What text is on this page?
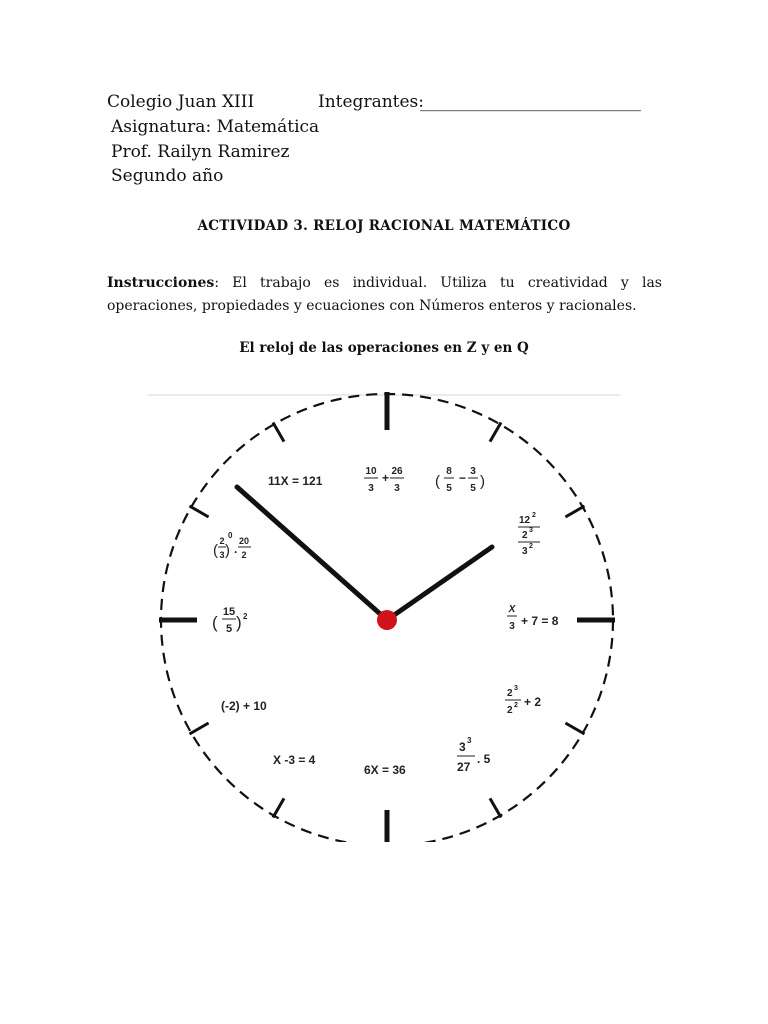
Colegio Juan XIII	Integrantes:
__________________________
Asignatura: Matemática
Prof. Railyn Ramirez
Segundo año
ACTIVIDAD 3. RELOJ RACIONAL MATEMÁTICO
Instrucciones: El trabajo es individual. Utiliza tu creatividad y las operaciones, propiedades y ecuaciones con Números enteros y racionales.
El reloj de las operaciones en Z y en Q
11X = 121
10
3
+ 26
3 (
8
5
− 3
5 )
12 2
2 3
3 2
X
3 + 7 = 8
2 3
2 2 + 2
3 3
27
. 5
6X = 36
X -3 = 4
(-2) + 10
(
15
5 ) 2
(
2
3 )
0
.
20
2
